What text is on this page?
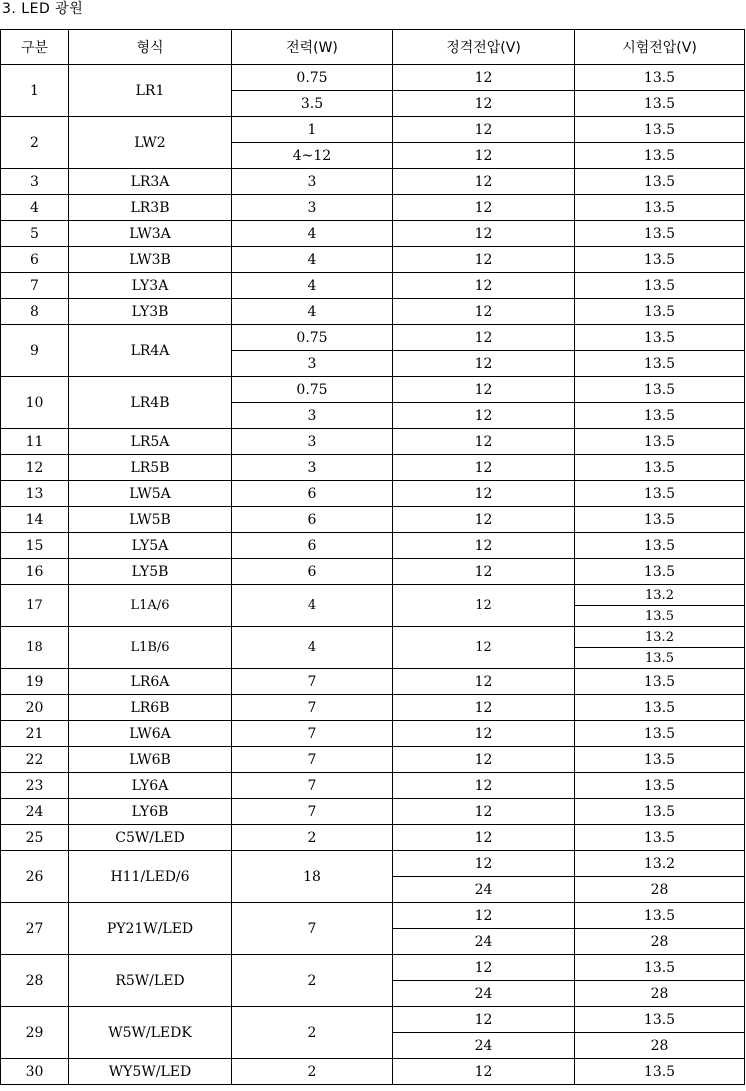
3. LED 광원
구분	형식	전력(W)	정격전압(V)	시험전압(V)
1	LR1	0.75	12	13.5
		3.5	12	13.5
2	LW2	1	12	13.5
		4~12	12	13.5
3	LR3A	3	12	13.5
4	LR3B	3	12	13.5
5	LW3A	4	12	13.5
6	LW3B	4	12	13.5
7	LY3A	4	12	13.5
8	LY3B	4	12	13.5
9	LR4A	0.75	12	13.5
		3	12	13.5
10	LR4B	0.75	12	13.5
		3	12	13.5
11	LR5A	3	12	13.5
12	LR5B	3	12	13.5
13	LW5A	6	12	13.5
14	LW5B	6	12	13.5
15	LY5A	6	12	13.5
16	LY5B	6	12	13.5
17	L1A/6	4	12	13.2
				13.5
18	L1B/6	4	12	13.2
				13.5
19	LR6A	7	12	13.5
20	LR6B	7	12	13.5
21	LW6A	7	12	13.5
22	LW6B	7	12	13.5
23	LY6A	7	12	13.5
24	LY6B	7	12	13.5
25	C5W/LED	2	12	13.5
26	H11/LED/6	18	12	13.2
			24	28
27	PY21W/LED	7	12	13.5
			24	28
28	R5W/LED	2	12	13.5
			24	28
29	W5W/LEDK	2	12	13.5
			24	28
30	WY5W/LED	2	12	13.5
